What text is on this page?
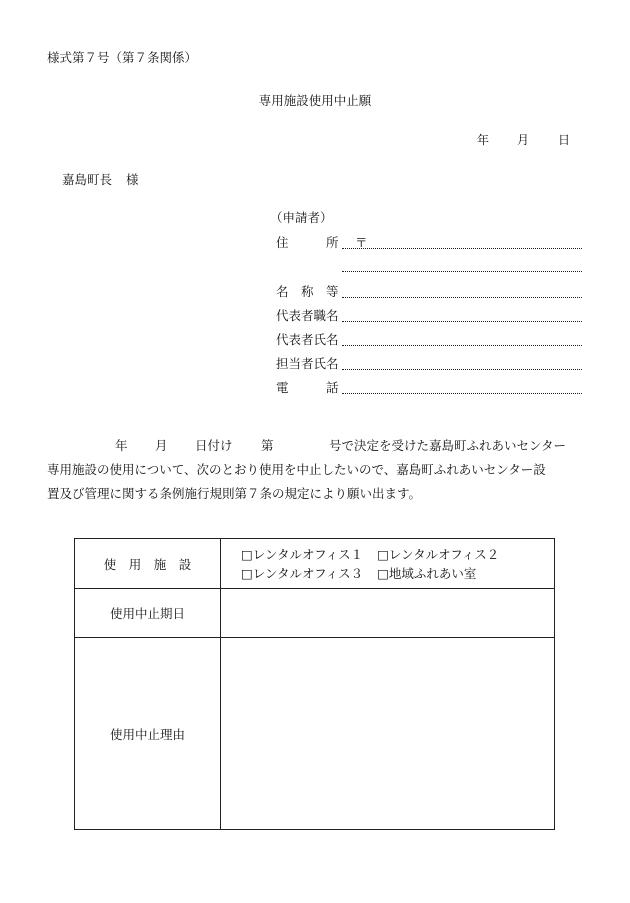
様式第７号（第７条関係）
専用施設使用中止願
年 月 日
嘉島町長 様
（申請者）
住　　　所 〒
名　称　等
代表者職名
代表者氏名
担当者氏名
電　　　話
年 月 日付け 第	号で決定を受けた嘉島町ふれあいセンター
専用施設の使用について、次のとおり使用を中止したいので、嘉島町ふれあいセンター設
置及び管理に関する条例施行規則第７条の規定により願い出ます。
使　用　施　設	□レンタルオフィス１ □レンタルオフィス２
□レンタルオフィス３ □地域ふれあい室

使用中止期日	
使用中止理由	
